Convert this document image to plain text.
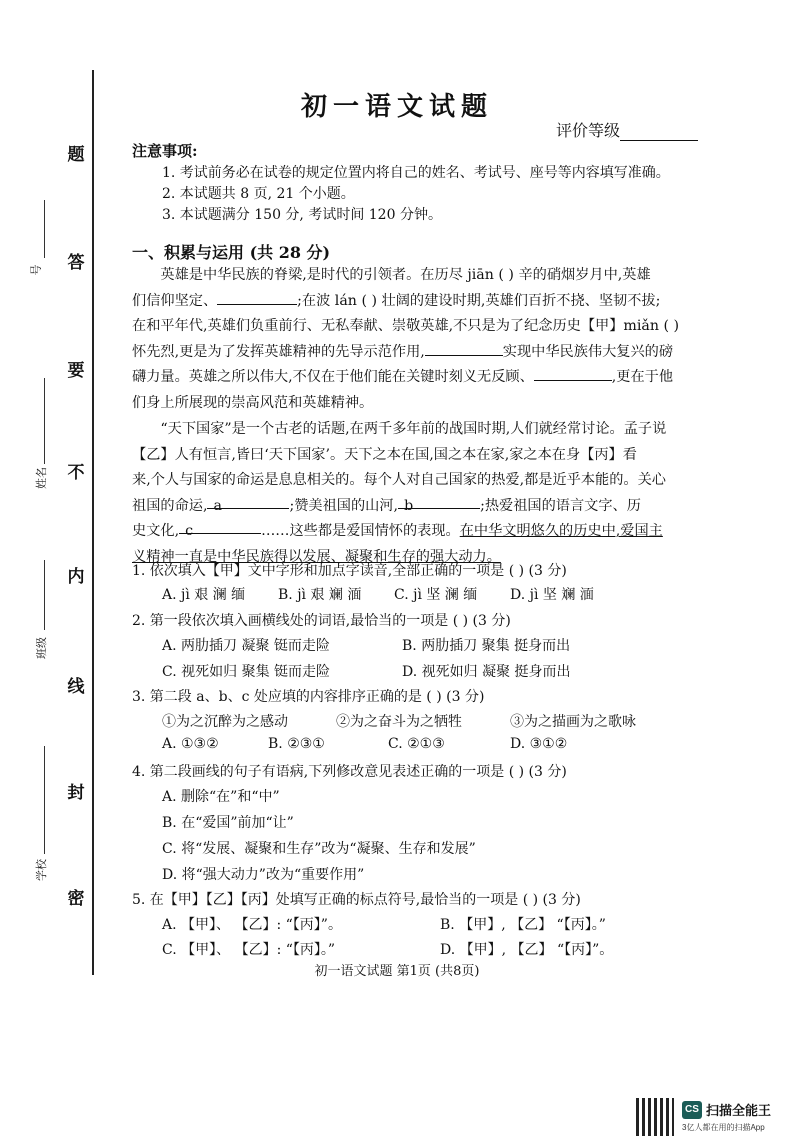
题
答
要
不
内
线
封
密
号
姓名
班级
学校
初一语文试题
评价等级
注意事项:
1. 考试前务必在试卷的规定位置内将自己的姓名、考试号、座号等内容填写准确。
2. 本试题共 8 页, 21 个小题。
3. 本试题满分 150 分, 考试时间 120 分钟。
一、积累与运用 (共 28 分)
英雄是中华民族的脊梁,是时代的引领者。在历尽 jiān ( ) 辛的硝烟岁月中,英雄
们信仰坚定、	;在波 lán ( ) 壮阔的建设时期,英雄们百折不挠、坚韧不拔;
在和平年代,英雄们负重前行、无私奉献、崇敬英雄,不只是为了纪念历史【甲】miǎn ( )
怀先烈,更是为了发挥英雄精神的先导示范作用,	实现中华民族伟大复兴的磅
礴力量。英雄之所以伟大,不仅在于他们能在关键时刻义无反顾、	,更在于他
们身上所展现的崇高风范和英雄精神。
“天下国家”是一个古老的话题,在两千多年前的战国时期,人们就经常讨论。孟子说
【乙】人有恒言,皆曰‘天下国家’。天下之本在国,国之本在家,家之本在身【丙】看
来,个人与国家的命运是息息相关的。每个人对自己国家的热爱,都是近乎本能的。关心
祖国的命运, a	;赞美祖国的山河, b	;热爱祖国的语言文字、历
史文化, c	……这些都是爱国情怀的表现。在中华文明悠久的历史中,爱国主
义精神一直是中华民族得以发展、凝聚和生存的强大动力。
1. 依次填入【甲】文中字形和加点字读音,全部正确的一项是 ( ) (3 分)
A. jì 艰 澜 缅 B. jì 艰 斓 湎 C. jì 坚 澜 缅 D. jì 坚 斓 湎
2. 第一段依次填入画横线处的词语,最恰当的一项是 ( ) (3 分)
A. 两肋插刀 凝聚 铤而走险	B. 两肋插刀 聚集 挺身而出
C. 视死如归 聚集 铤而走险	D. 视死如归 凝聚 挺身而出
3. 第二段 a、b、c 处应填的内容排序正确的是 ( ) (3 分)
①为之沉醉为之感动	②为之奋斗为之牺牲	③为之描画为之歌咏
A. ①③②	B. ②③①	C. ②①③	D. ③①②
4. 第二段画线的句子有语病,下列修改意见表述正确的一项是 ( ) (3 分)
A. 删除“在”和“中”
B. 在“爱国”前加“让”
C. 将“发展、凝聚和生存”改为“凝聚、生存和发展”
D. 将“强大动力”改为“重要作用”
5. 在【甲】【乙】【丙】处填写正确的标点符号,最恰当的一项是 ( ) (3 分)
A. 【甲】、 【乙】: “【丙】”。	B. 【甲】, 【乙】 “【丙】。”
C. 【甲】、 【乙】: “【丙】。”	D. 【甲】, 【乙】 “【丙】”。
初一语文试题 第1页 (共8页)
CS 扫描全能王
3亿人都在用的扫描App
